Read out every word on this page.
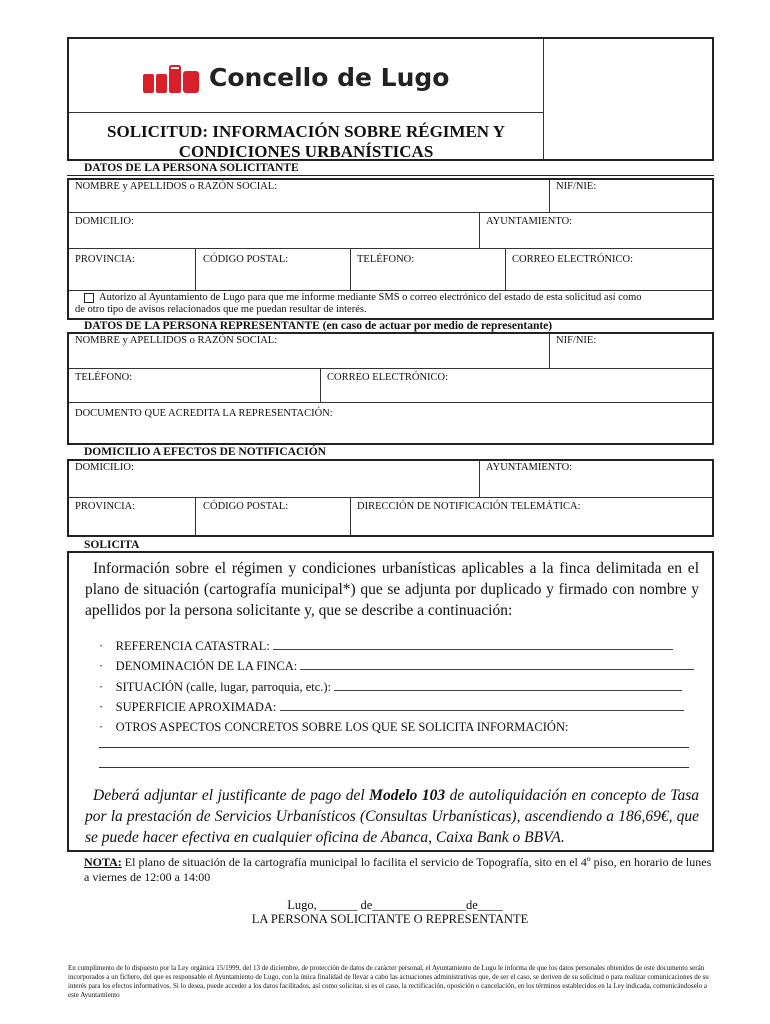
Concello de Lugo
SOLICITUD: INFORMACIÓN SOBRE RÉGIMEN Y
CONDICIONES URBANÍSTICAS
DATOS DE LA PERSONA SOLICITANTE
NOMBRE y APELLIDOS o RAZÓN SOCIAL:	NIF/NIE:
DOMICILIO:	AYUNTAMIENTO:
PROVINCIA:	CÓDIGO POSTAL:	TELÉFONO:	CORREO ELECTRÓNICO:
Autorizo al Ayuntamiento de Lugo para que me informe mediante SMS o correo electrónico del estado de esta solicitud así como
de otro tipo de avisos relacionados que me puedan resultar de interés.
DATOS DE LA PERSONA REPRESENTANTE (en caso de actuar por medio de representante)
NOMBRE y APELLIDOS o RAZÓN SOCIAL:	NIF/NIE:
TELÉFONO:	CORREO ELECTRÓNICO:
DOCUMENTO QUE ACREDITA LA REPRESENTACIÓN:
DOMICILIO A EFECTOS DE NOTIFICACIÓN
DOMICILIO:	AYUNTAMIENTO:
PROVINCIA:	CÓDIGO POSTAL:	DIRECCIÓN DE NOTIFICACIÓN TELEMÁTICA:
SOLICITA
Información sobre el régimen y condiciones urbanísticas aplicables a la finca delimitada en el plano de situación (cartografía municipal*) que se adjunta por duplicado y firmado con nombre y apellidos por la persona solicitante y, que se describe a continuación:
· REFERENCIA CATASTRAL:
· DENOMINACIÓN DE LA FINCA:
· SITUACIÓN (calle, lugar, parroquia, etc.):
· SUPERFICIE APROXIMADA:
· OTROS ASPECTOS CONCRETOS SOBRE LOS QUE SE SOLICITA INFORMACIÓN:
Deberá adjuntar el justificante de pago del Modelo 103 de autoliquidación en concepto de Tasa por la prestación de Servicios Urbanísticos (Consultas Urbanísticas), ascendiendo a 186,69€, que se puede hacer efectiva en cualquier oficina de Abanca, Caixa Bank o BBVA.
NOTA: El plano de situación de la cartografía municipal lo facilita el servicio de Topografía, sito en el 4º piso, en horario de lunes a viernes de 12:00 a 14:00
Lugo, ______ de_______________de____
LA PERSONA SOLICITANTE O REPRESENTANTE
En cumplimento de lo dispuesto por la Ley orgánica 15/1999, del 13 de diciembre, de protección de datos de carácter personal, el Ayuntamiento de Lugo le informa de que los datos personales obtenidos de este documento serán incorporados a un fichero, del que es responsable el Ayuntamiento de Lugo, con la única finalidad de llevar a cabo las actuaciones administrativas que, de ser el caso, se deriven de su solicitud o para realizar comunicaciones de su interés para los efectos informativos. Si lo desea, puede acceder a los datos facilitados, así como solicitar, si es el caso, la rectificación, oposición o cancelación, en los términos establecidos en la Ley indicada, comunicándoselo a este Ayuntamiento
